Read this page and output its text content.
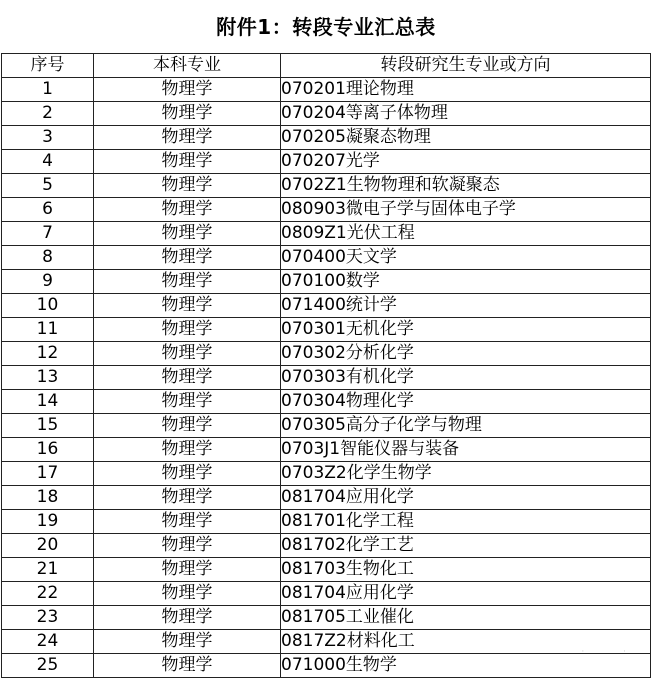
附件1：转段专业汇总表
序号	本科专业	转段研究生专业或方向
1	物理学	070201理论物理
2	物理学	070204等离子体物理
3	物理学	070205凝聚态物理
4	物理学	070207光学
5	物理学	0702Z1生物物理和软凝聚态
6	物理学	080903微电子学与固体电子学
7	物理学	0809Z1光伏工程
8	物理学	070400天文学
9	物理学	070100数学
10	物理学	071400统计学
11	物理学	070301无机化学
12	物理学	070302分析化学
13	物理学	070303有机化学
14	物理学	070304物理化学
15	物理学	070305高分子化学与物理
16	物理学	0703J1智能仪器与装备
17	物理学	0703Z2化学生物学
18	物理学	081704应用化学
19	物理学	081701化学工程
20	物理学	081702化学工艺
21	物理学	081703生物化工
22	物理学	081704应用化学
23	物理学	081705工业催化
24	物理学	0817Z2材料化工
25	物理学	071000生物学
· ·
